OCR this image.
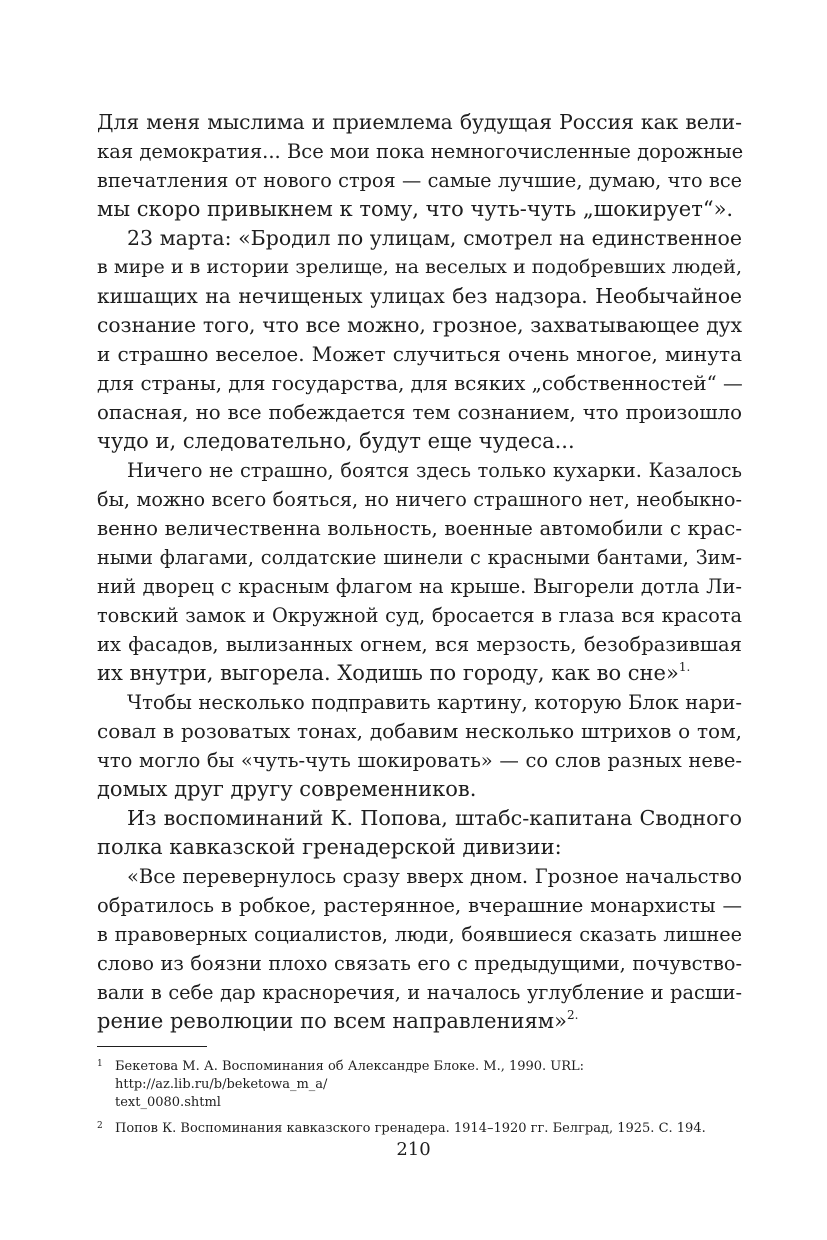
Для меня мыслима и приемлема будущая Россия как вели-
кая демократия... Все мои пока немногочисленные дорожные
впечатления от нового строя — самые лучшие, думаю, что все
мы скоро привыкнем к тому, что чуть-чуть „шокирует“».
23 марта: «Бродил по улицам, смотрел на единственное
в мире и в истории зрелище, на веселых и подобревших людей,
кишащих на нечищеных улицах без надзора. Необычайное
сознание того, что все можно, грозное, захватывающее дух
и страшно веселое. Может случиться очень многое, минута
для страны, для государства, для всяких „собственностей“ —
опасная, но все побеждается тем сознанием, что произошло
чудо и, следовательно, будут еще чудеса...
Ничего не страшно, боятся здесь только кухарки. Казалось
бы, можно всего бояться, но ничего страшного нет, необыкно-
венно величественна вольность, военные автомобили с крас-
ными флагами, солдатские шинели с красными бантами, Зим-
ний дворец с красным флагом на крыше. Выгорели дотла Ли-
товский замок и Окружной суд, бросается в глаза вся красота
их фасадов, вылизанных огнем, вся мерзость, безобразившая
их внутри, выгорела. Ходишь по городу, как во сне»$^{1.}$
Чтобы несколько подправить картину, которую Блок нари-
совал в розоватых тонах, добавим несколько штрихов о том,
что могло бы «чуть-чуть шокировать» — со слов разных неве-
домых друг другу современников.
Из воспоминаний К. Попова, штабс-капитана Сводного
полка кавказской гренадерской дивизии:
«Все перевернулось сразу вверх дном. Грозное начальство
обратилось в робкое, растерянное, вчерашние монархисты —
в правоверных социалистов, люди, боявшиеся сказать лишнее
слово из боязни плохо связать его с предыдущими, почувство-
вали в себе дар красноречия, и началось углубление и расши-
рение революции по всем направлениям»$^{2.}$
1 Бекетова М. А. Воспоминания об Александре Блоке. М., 1990. URL: http://az.lib.ru/b/beketowa_m_a/
text_0080.shtml
2 Попов К. Воспоминания кавказского гренадера. 1914–1920 гг. Белград, 1925. С. 194.
210
